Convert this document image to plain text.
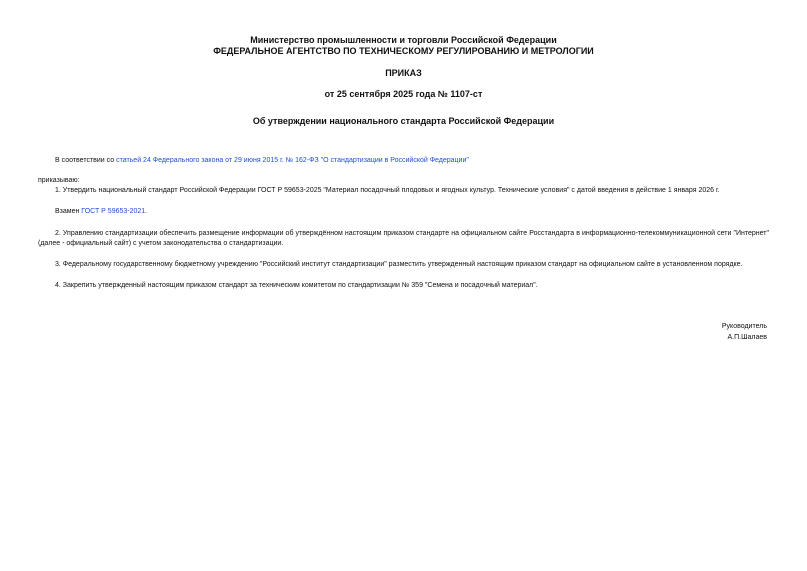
Министерство промышленности и торговли Российской Федерации
ФЕДЕРАЛЬНОЕ АГЕНТСТВО ПО ТЕХНИЧЕСКОМУ РЕГУЛИРОВАНИЮ И МЕТРОЛОГИИ
ПРИКАЗ
от 25 сентября 2025 года № 1107-ст
Об утверждении национального стандарта Российской Федерации
В соответствии со статьей 24 Федерального закона от 29 июня 2015 г. № 162-ФЗ "О стандартизации в Российской Федерации"
приказываю:
1. Утвердить национальный стандарт Российской Федерации ГОСТ Р 59653-2025 "Материал посадочный плодовых и ягодных культур. Технические условия" с датой введения в действие 1 января 2026 г.
Взамен ГОСТ Р 59653-2021.
2. Управлению стандартизации обеспечить размещение информации об утверждённом настоящим приказом стандарте на официальном сайте Росстандарта в информационно-телекоммуникационной сети "Интернет" (далее - официальный сайт) с учетом законодательства о стандартизации.
3. Федеральному государственному бюджетному учреждению "Российский институт стандартизации" разместить утвержденный настоящим приказом стандарт на официальном сайте в установленном порядке.
4. Закрепить утвержденный настоящим приказом стандарт за техническим комитетом по стандартизации № 359 "Семена и посадочный материал".
Руководитель
А.П.Шалаев
